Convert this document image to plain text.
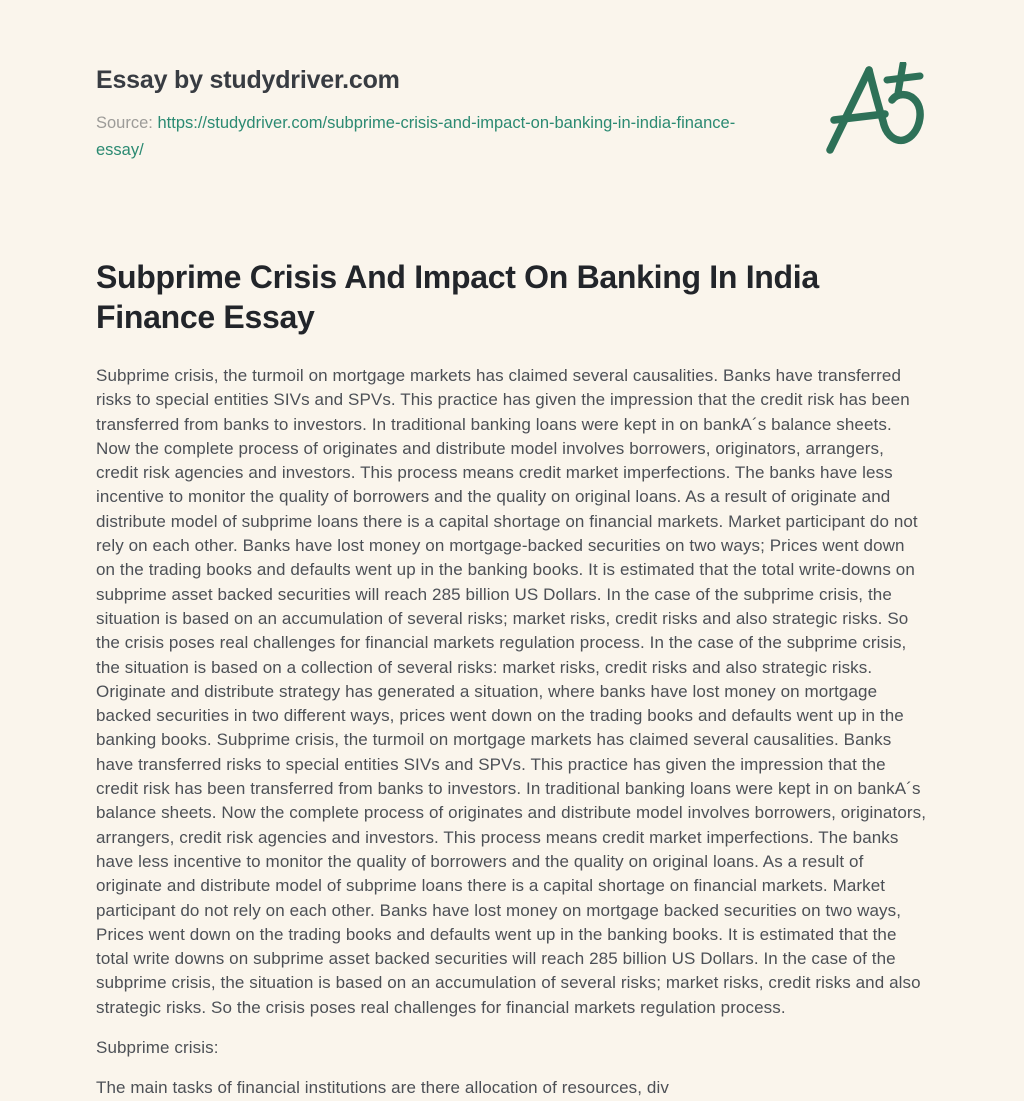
Essay by studydriver.com

Source: https://studydriver.com/subprime-crisis-and-impact-on-banking-in-india-finance-essay/

Subprime Crisis And Impact On Banking In India Finance Essay

Subprime crisis, the turmoil on mortgage markets has claimed several causalities. Banks have transferred risks to special entities SIVs and SPVs. This practice has given the impression that the credit risk has been transferred from banks to investors. In traditional banking loans were kept in on bankA´s balance sheets. Now the complete process of originates and distribute model involves borrowers, originators, arrangers, credit risk agencies and investors. This process means credit market imperfections. The banks have less incentive to monitor the quality of borrowers and the quality on original loans. As a result of originate and distribute model of subprime loans there is a capital shortage on financial markets. Market participant do not rely on each other. Banks have lost money on mortgage-backed securities on two ways; Prices went down on the trading books and defaults went up in the banking books. It is estimated that the total write-downs on subprime asset backed securities will reach 285 billion US Dollars. In the case of the subprime crisis, the situation is based on an accumulation of several risks; market risks, credit risks and also strategic risks. So the crisis poses real challenges for financial markets regulation process. In the case of the subprime crisis, the situation is based on a collection of several risks: market risks, credit risks and also strategic risks. Originate and distribute strategy has generated a situation, where banks have lost money on mortgage backed securities in two different ways, prices went down on the trading books and defaults went up in the banking books. Subprime crisis, the turmoil on mortgage markets has claimed several causalities. Banks have transferred risks to special entities SIVs and SPVs. This practice has given the impression that the credit risk has been transferred from banks to investors. In traditional banking loans were kept in on bankA´s balance sheets. Now the complete process of originates and distribute model involves borrowers, originators, arrangers, credit risk agencies and investors. This process means credit market imperfections. The banks have less incentive to monitor the quality of borrowers and the quality on original loans. As a result of originate and distribute model of subprime loans there is a capital shortage on financial markets. Market participant do not rely on each other. Banks have lost money on mortgage backed securities on two ways, Prices went down on the trading books and defaults went up in the banking books. It is estimated that the total write downs on subprime asset backed securities will reach 285 billion US Dollars. In the case of the subprime crisis, the situation is based on an accumulation of several risks; market risks, credit risks and also strategic risks. So the crisis poses real challenges for financial markets regulation process.

Subprime crisis:

The main tasks of financial institutions are there allocation of resources, div
